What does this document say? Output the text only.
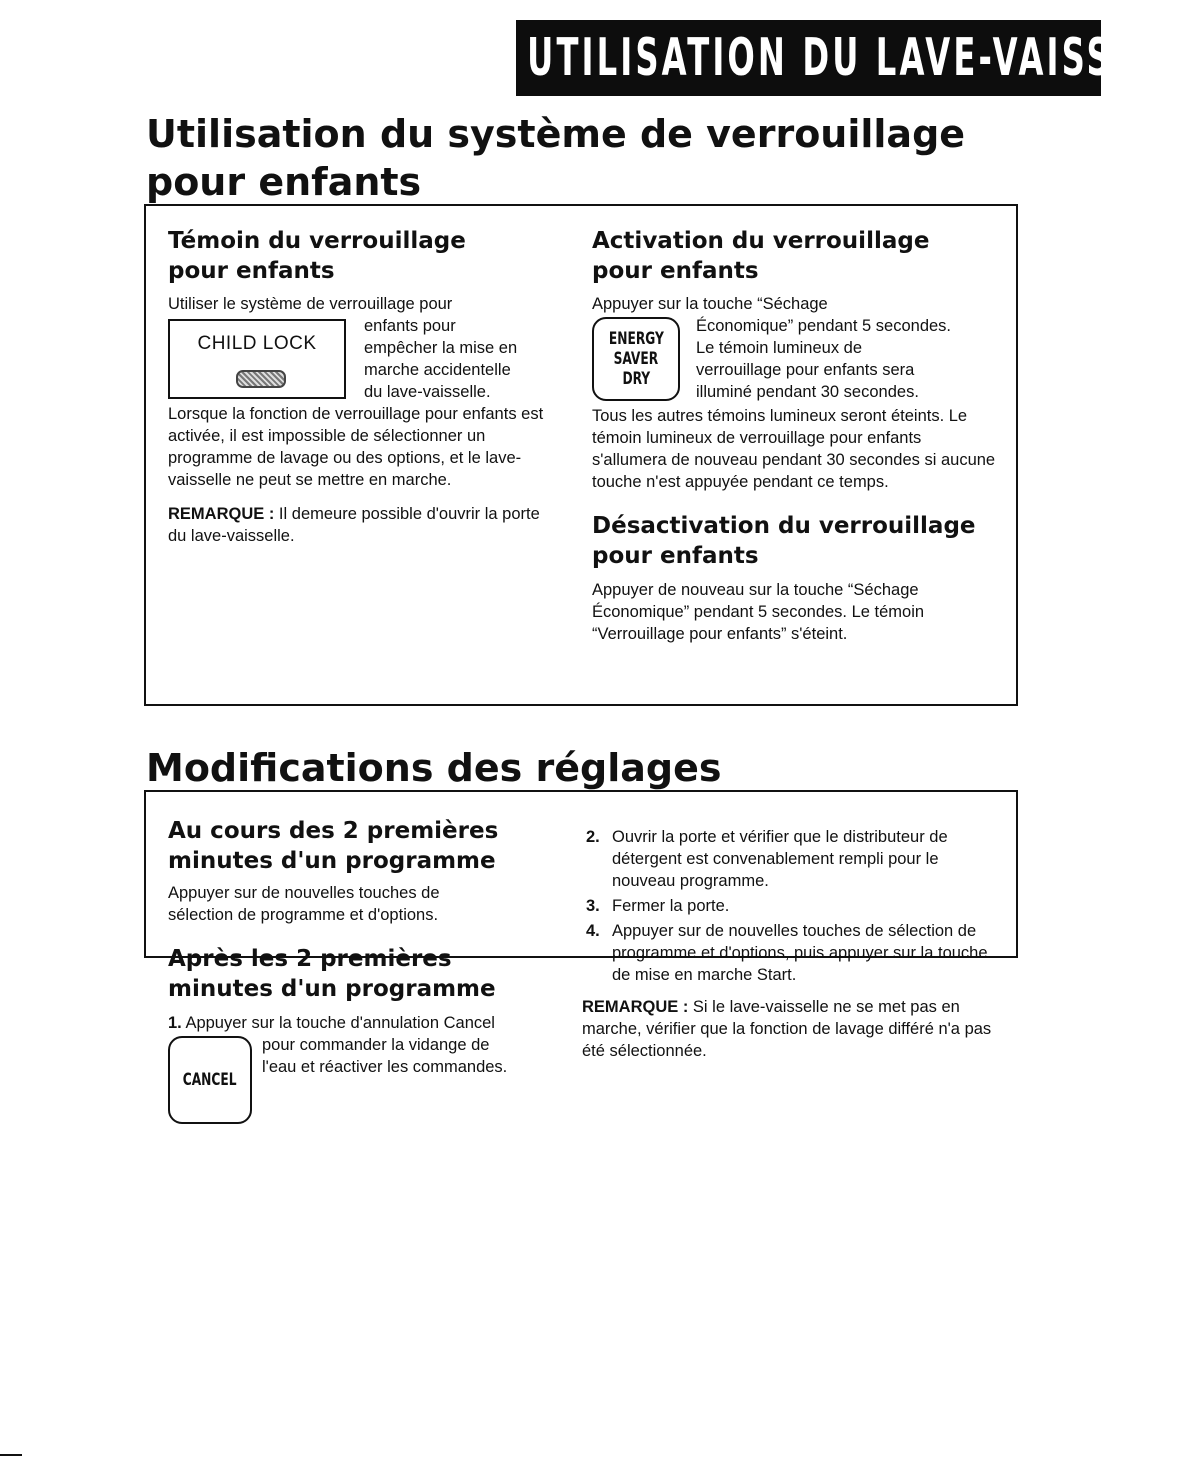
UTILISATION DU LAVE-VAISSELL
Utilisation du système de verrouillage pour enfants
Témoin du verrouillage
pour enfants

Utiliser le système de verrouillage pour

CHILD LOCK

enfants pour

empêcher la mise en

marche accidentelle

du lave-vaisselle.

Lorsque la fonction de verrouillage pour enfants est activée, il est impossible de sélectionner un programme de lavage ou des options, et le lave-vaisselle ne peut se mettre en marche.

REMARQUE : Il demeure possible d'ouvrir la porte du lave-vaisselle.

Activation du verrouillage
pour enfants

Appuyer sur la touche “Séchage

ENERGY
SAVER
DRY

Économique” pendant 5 secondes.

Le témoin lumineux de

verrouillage pour enfants sera

illuminé pendant 30 secondes.

Tous les autres témoins lumineux seront éteints. Le témoin lumineux de verrouillage pour enfants s'allumera de nouveau pendant 30 secondes si aucune touche n'est appuyée pendant ce temps.

Désactivation du verrouillage
pour enfants

Appuyer de nouveau sur la touche “Séchage Économique” pendant 5 secondes. Le témoin “Verrouillage pour enfants” s'éteint.

Modifications des réglages
Au cours des 2 premières
minutes d'un programme

Appuyer sur de nouvelles touches de sélection de programme et d'options.

Après les 2 premières
minutes d'un programme

1. Appuyer sur la touche d'annulation Cancel

CANCEL

pour commander la vidange de

l'eau et réactiver les commandes.

2. Ouvrir la porte et vérifier que le distributeur de détergent est convenablement rempli pour le nouveau programme.
3. Fermer la porte.
4. Appuyer sur de nouvelles touches de sélection de programme et d'options, puis appuyer sur la touche de mise en marche Start.

REMARQUE : Si le lave-vaisselle ne se met pas en marche, vérifier que la fonction de lavage différé n'a pas été sélectionnée.
